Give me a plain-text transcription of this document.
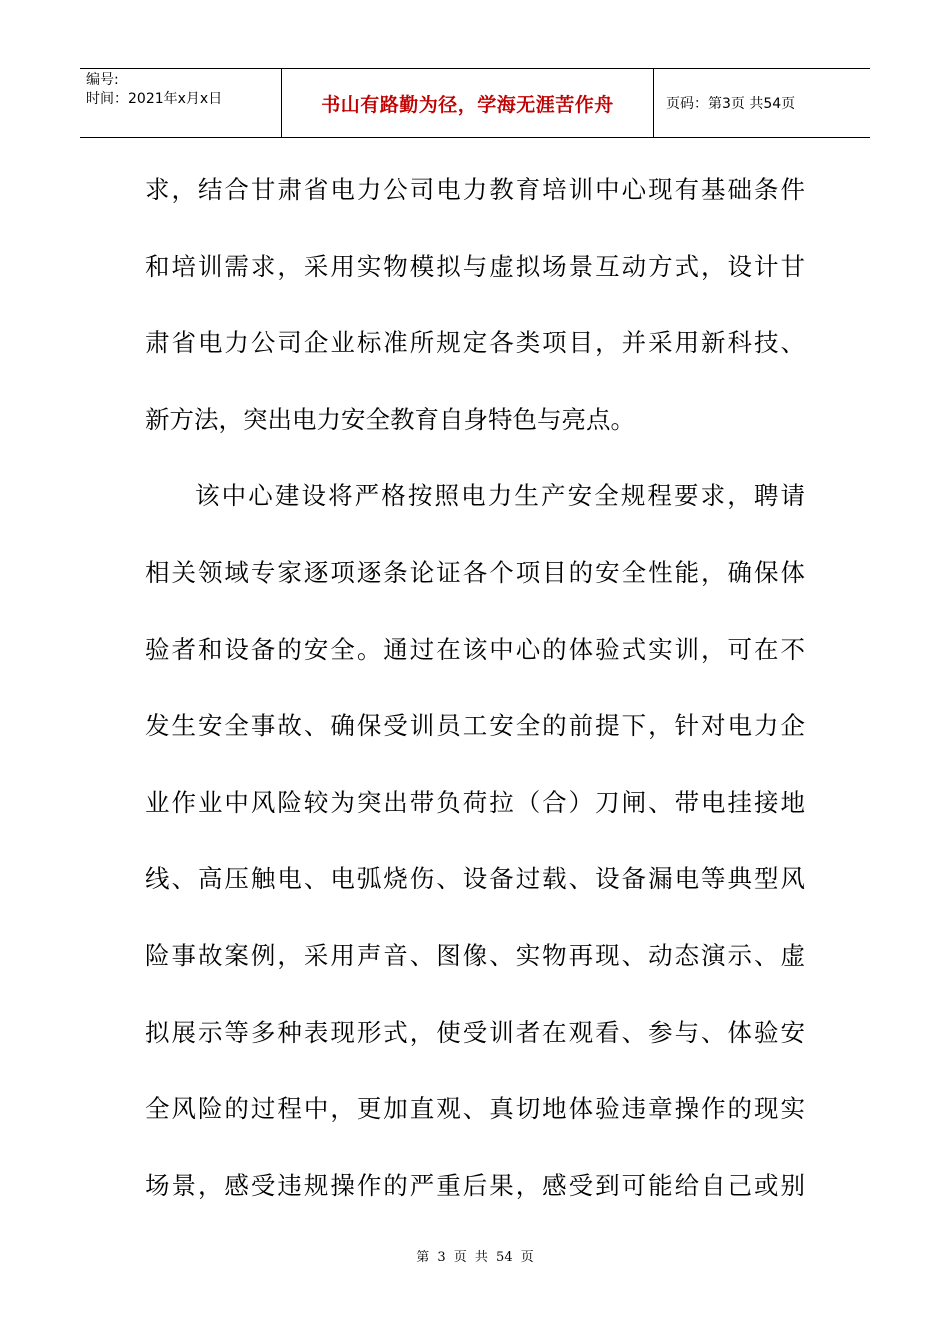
编号:
时间：2021年x月x日	书山有路勤为径，学海无涯苦作舟	页码：第3页 共54页
求，结合甘肃省电力公司电力教育培训中心现有基础条件
和培训需求，采用实物模拟与虚拟场景互动方式，设计甘
肃省电力公司企业标准所规定各类项目，并采用新科技、
新方法，突出电力安全教育自身特色与亮点。
该中心建设将严格按照电力生产安全规程要求，聘请
相关领域专家逐项逐条论证各个项目的安全性能，确保体
验者和设备的安全。通过在该中心的体验式实训，可在不
发生安全事故、确保受训员工安全的前提下，针对电力企
业作业中风险较为突出带负荷拉（合）刀闸、带电挂接地
线、高压触电、电弧烧伤、设备过载、设备漏电等典型风
险事故案例，采用声音、图像、实物再现、动态演示、虚
拟展示等多种表现形式，使受训者在观看、参与、体验安
全风险的过程中，更加直观、真切地体验违章操作的现实
场景，感受违规操作的严重后果，感受到可能给自己或别
第 3 页 共 54 页
